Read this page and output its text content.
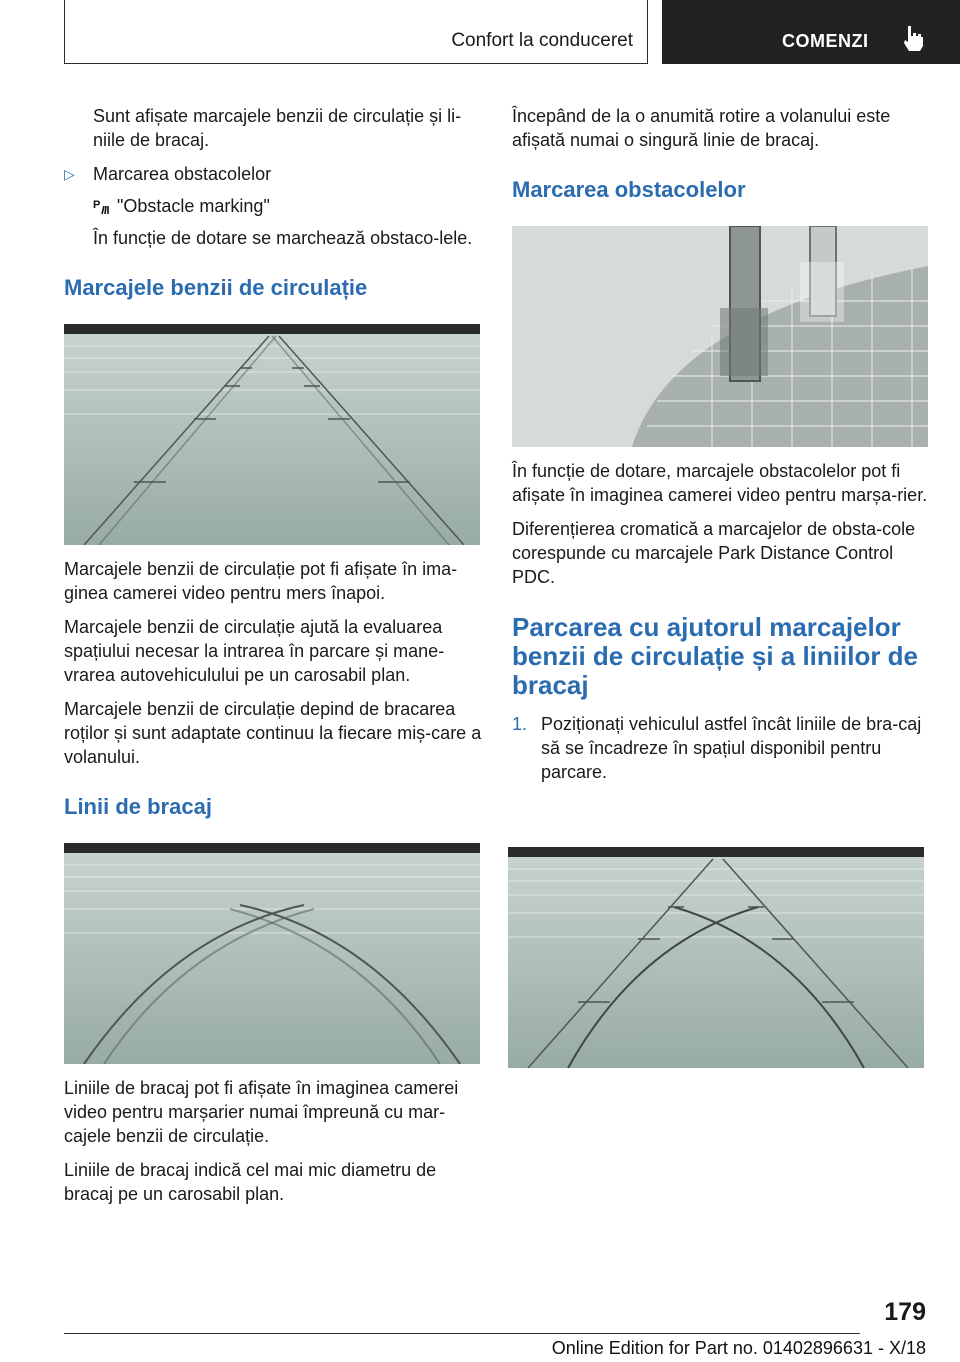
Confort la conduceret	COMENZI

Sunt afișate marcajele benzii de circulație și li-niile de bracaj.

▷	Marcarea obstacolelor

P "Obstacle marking"

În funcție de dotare se marchează obstaco-lele.

Marcajele benzii de circulație

Marcajele benzii de circulație pot fi afișate în ima-ginea camerei video pentru mers înapoi.

Marcajele benzii de circulație ajută la evaluarea spațiului necesar la intrarea în parcare și mane-vrarea autovehiculului pe un carosabil plan.

Marcajele benzii de circulație depind de bracarea roților și sunt adaptate continuu la fiecare miș-care a volanului.

Linii de bracaj

Liniile de bracaj pot fi afișate în imaginea camerei video pentru marșarier numai împreună cu mar-cajele benzii de circulație.

Liniile de bracaj indică cel mai mic diametru de bracaj pe un carosabil plan.

Începând de la o anumită rotire a volanului este afișată numai o singură linie de bracaj.

Marcarea obstacolelor

În funcție de dotare, marcajele obstacolelor pot fi afișate în imaginea camerei video pentru marșa-rier.

Diferențierea cromatică a marcajelor de obsta-cole corespunde cu marcajele Park Distance Control PDC.

Parcarea cu ajutorul marcajelor benzii de circulație și a liniilor de bracaj
1. Poziționați vehiculul astfel încât liniile de bra-caj să se încadreze în spațiul disponibil pentru parcare.
179
Online Edition for Part no. 01402896631 - X/18
